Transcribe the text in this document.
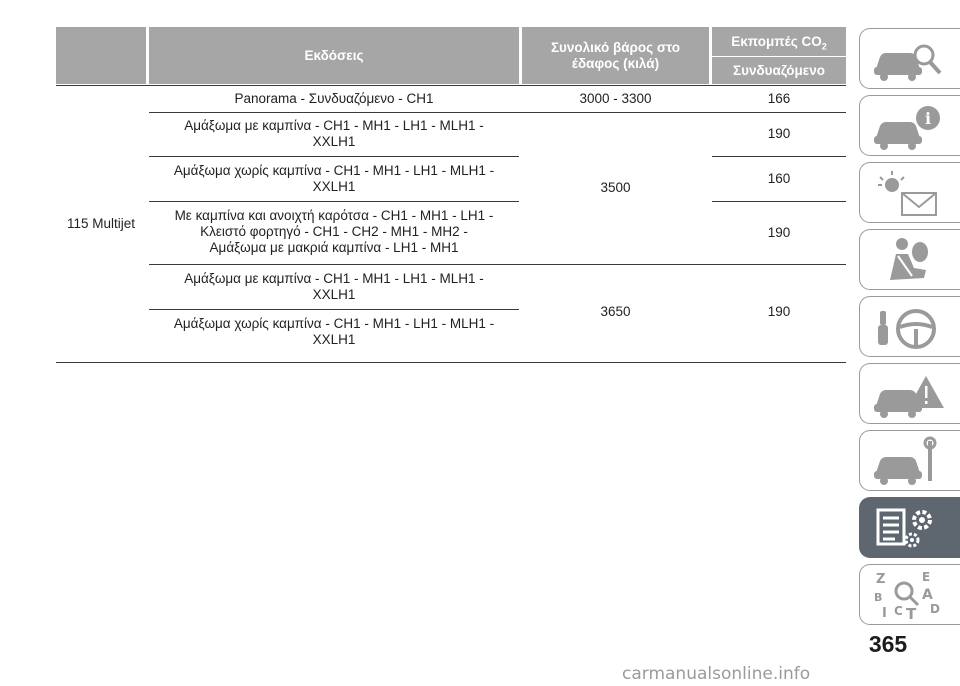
Εκδόσεις
Συνολικό βάρος στο
έδαφος (κιλά)
Εκπομπές $CO_2$
Συνδυαζόμενο
115 Multijet
Panorama - Συνδυαζόμενο - CH1
Αμάξωμα με καμπίνα - CH1 - MH1 - LH1 - MLH1 -
XXLH1
Αμάξωμα χωρίς καμπίνα - CH1 - MH1 - LH1 - MLH1 -
XXLH1
Με καμπίνα και ανοιχτή καρότσα - CH1 - MH1 - LH1 -
Κλειστό φορτηγό - CH1 - CH2 - MH1 - MH2 -
Αμάξωμα με μακριά καμπίνα - LH1 - MH1
Αμάξωμα με καμπίνα - CH1 - MH1 - LH1 - MLH1 -
XXLH1
Αμάξωμα χωρίς καμπίνα - CH1 - MH1 - LH1 - MLH1 -
XXLH1
3000 - 3300
3500
3650
166
190
160
190
190
i
Z	E
B	A
I C T D
365
carmanualsonline.info
